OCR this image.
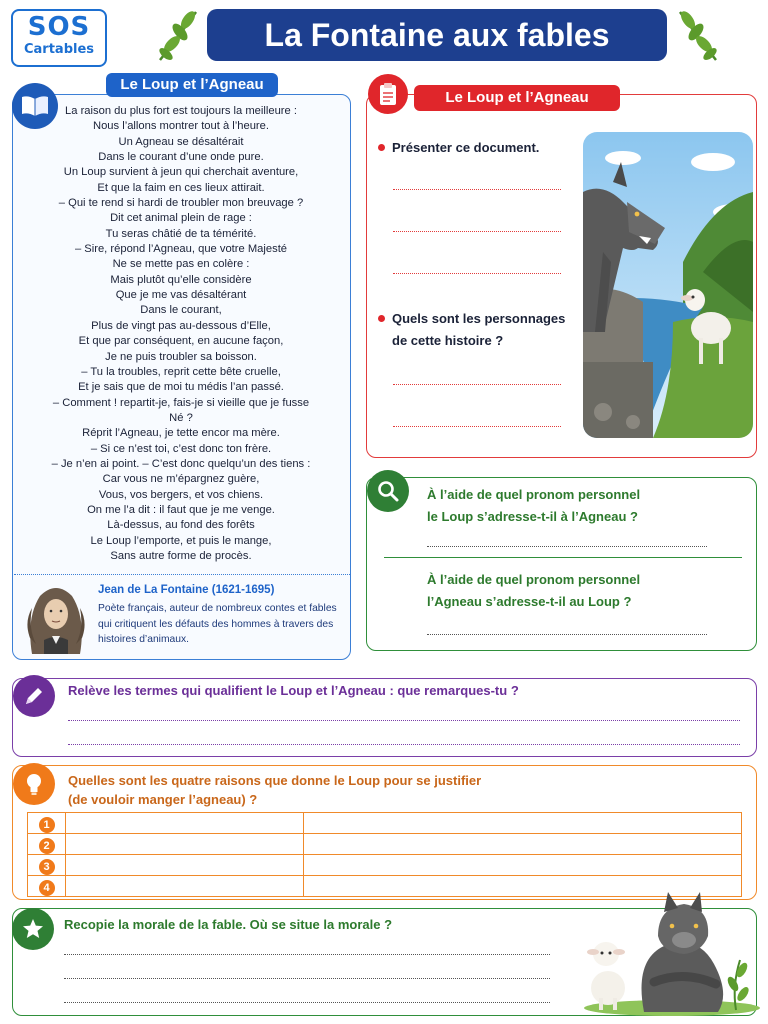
SOS
Cartables	La Fontaine aux fables
Le Loup et l’Agneau
La raison du plus fort est toujours la meilleure :
Nous l’allons montrer tout à l’heure.
Un Agneau se désaltérait
Dans le courant d’une onde pure.
Un Loup survient à jeun qui cherchait aventure,
Et que la faim en ces lieux attirait.
– Qui te rend si hardi de troubler mon breuvage ?
Dit cet animal plein de rage :
Tu seras châtié de ta témérité.
– Sire, répond l’Agneau, que votre Majesté
Ne se mette pas en colère :
Mais plutôt qu’elle considère
Que je me vas désaltérant
Dans le courant,
Plus de vingt pas au-dessous d’Elle,
Et que par conséquent, en aucune façon,
Je ne puis troubler sa boisson.
– Tu la troubles, reprit cette bête cruelle,
Et je sais que de moi tu médis l’an passé.
– Comment ! repartit-je, fais-je si vieille que je fusse
Né ?
Réprit l’Agneau, je tette encor ma mère.
– Si ce n’est toi, c’est donc ton frère.
– Je n’en ai point. – C’est donc quelqu’un des tiens :
Car vous ne m’épargnez guère,
Vous, vos bergers, et vos chiens.
On me l’a dit : il faut que je me venge.
Là-dessus, au fond des forêts
Le Loup l’emporte, et puis le mange,
Sans autre forme de procès.
Jean de La Fontaine (1621-1695)
Poète français, auteur de nombreux contes et fables qui critiquent les défauts des hommes à travers des histoires d’animaux.
Le Loup et l’Agneau
Présenter ce document.
Quels sont les personnages
de cette histoire ?
À l’aide de quel pronom personnel
le Loup s’adresse-t-il à l’Agneau ?
À l’aide de quel pronom personnel
l’Agneau s’adresse-t-il au Loup ?
Relève les termes qui qualifient le Loup et l’Agneau : que remarques-tu ?
Quelles sont les quatre raisons que donne le Loup pour se justifier
(de vouloir manger l’agneau) ?
1		
2		
3		
4		
Recopie la morale de la fable. Où se situe la morale ?
